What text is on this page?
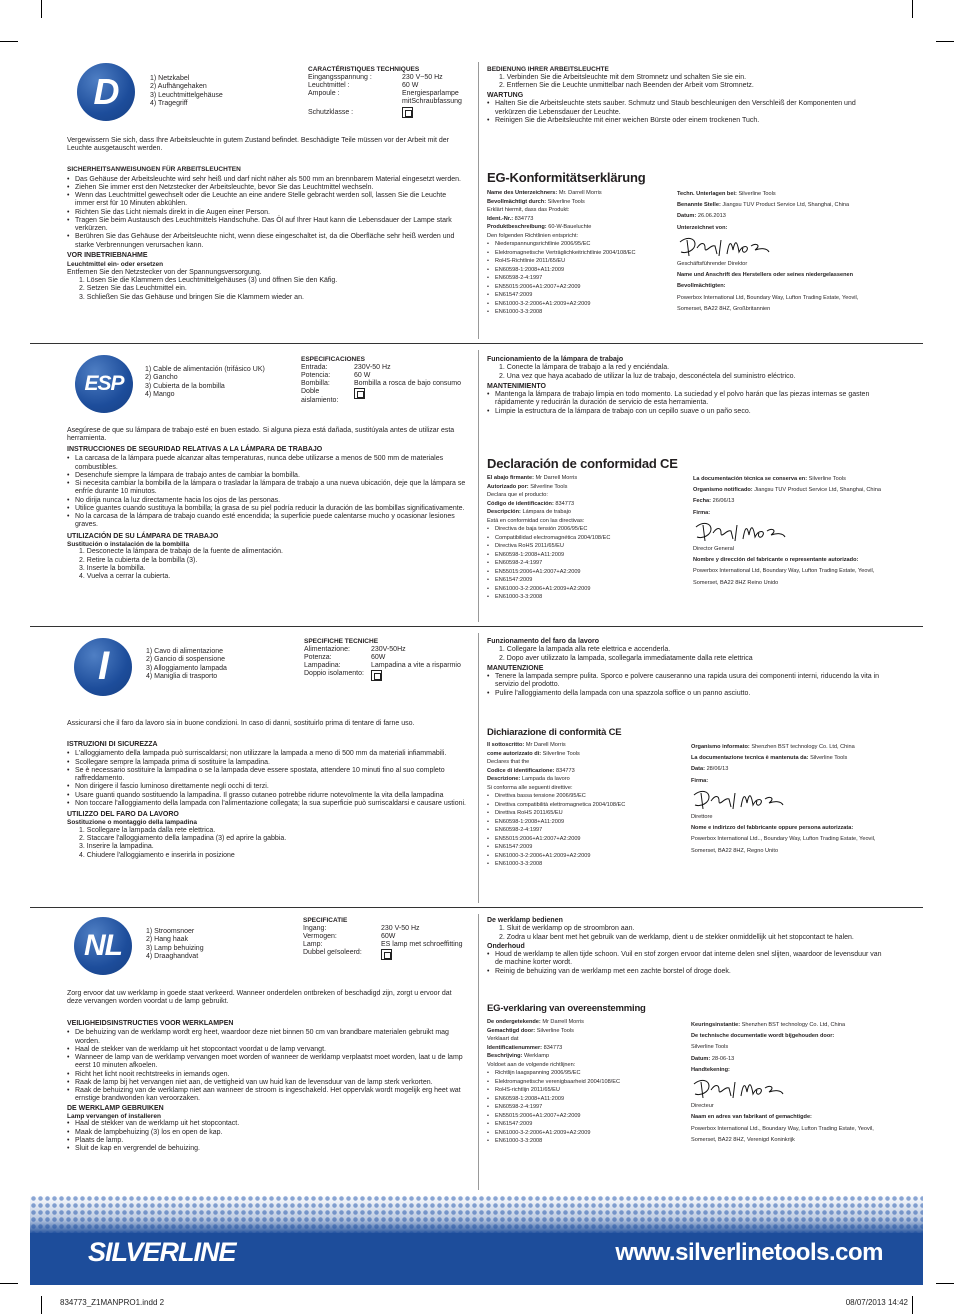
D	1) Netzkabel
2) Aufhängehaken
3) Leuchtmittelgehäuse
4) Tragegriff
CARACTÉRISTIQUES TECHNIQUES
Eingangsspannung :	230 V~50 Hz
Leuchtmittel :	60 W
Ampoule :	Energiesparlampe mitSchraubfassung
Schutzklasse :
Vergewissern Sie sich, dass Ihre Arbeitsleuchte in gutem Zustand befindet. Beschädigte Teile müssen vor der Arbeit mit der Leuchte ausgetauscht werden.
SICHERHEITSANWEISUNGEN FÜR ARBEITSLEUCHTEN
• Das Gehäuse der Arbeitsleuchte wird sehr heiß und darf nicht näher als 500 mm an brennbarem Material eingesetzt werden.
• Ziehen Sie immer erst den Netzstecker der Arbeitsleuchte, bevor Sie das Leuchtmittel wechseln.
• Wenn das Leuchtmittel gewechselt oder die Leuchte an eine andere Stelle gebracht werden soll, lassen Sie die Leuchte immer erst für 10 Minuten abkühlen.
• Richten Sie das Licht niemals direkt in die Augen einer Person.
• Tragen Sie beim Austausch des Leuchtmittels Handschuhe. Das Öl auf Ihrer Haut kann die Lebensdauer der Lampe stark verkürzen.
• Berühren Sie das Gehäuse der Arbeitsleuchte nicht, wenn diese eingeschaltet ist, da die Oberfläche sehr heiß werden und starke Verbrennungen verursachen kann.
VOR INBETRIEBNAHME
Leuchtmittel ein- oder ersetzen
Entfernen Sie den Netzstecker von der Spannungsversorgung.
1. Lösen Sie die Klammern des Leuchtmittelgehäuses (3) und öffnen Sie den Käfig.
2. Setzen Sie das Leuchtmittel ein.
3. Schließen Sie das Gehäuse und bringen Sie die Klammern wieder an.
BEDIENUNG IHRER ARBEITSLEUCHTE
1. Verbinden Sie die Arbeitsleuchte mit dem Stromnetz und schalten Sie sie ein.
2. Entfernen Sie die Leuchte unmittelbar nach Beenden der Arbeit vom Stromnetz.
WARTUNG
• Halten Sie die Arbeitsleuchte stets sauber. Schmutz und Staub beschleunigen den Verschleiß der Komponenten und verkürzen die Lebensdauer der Leuchte.
• Reinigen Sie die Arbeitsleuchte mit einer weichen Bürste oder einem trockenen Tuch.
EG-Konformitätserklärung
Name des Unterzeichners: Mr. Darrell Morris
Bevollmächtigt durch: Silverline Tools
Erklärt hiermit, dass das Produkt:
Ident.-Nr.: 834773
Produktbeschreibung: 60-W-Baueluchte
Den folgenden Richtlinien entspricht:
• Niederspannungsrichtlinie 2006/95/EC
• Elektromagnetische Verträglichkeitrichtlinie 2004/108/EC
• RoHS-Richtlinie 2011/65/EU
• EN60598-1:2008+A11:2009
• EN60598-2-4:1997
• EN55015:2006+A1:2007+A2:2009
• EN61547:2009
• EN61000-3-2:2006+A1:2009+A2:2009
• EN61000-3-3:2008
Techn. Unterlagen bei: Silverline Tools
Benannte Stelle: Jiangsu TUV Product Service Ltd, Shanghai, China
Datum: 26.06.2013
Unterzeichnet von:
Geschäftsführender Direktor
Name und Anschrift des Herstellers oder seines niedergelassenen Bevollmächtigten:
Powerbox International Ltd, Boundary Way, Lufton Trading Estate, Yeovil, Somerset, BA22 8HZ, Großbritannien
ESP
1) Cable de alimentación (trifásico UK)
2) Gancho
3) Cubierta de la bombilla
4) Mango
ESPECIFICACIONES
Entrada:	230V-50 Hz
Potencia:	60 W
Bombilla:	Bombilla a rosca de bajo consumo
Doble aislamiento:
Asegúrese de que su lámpara de trabajo esté en buen estado. Si alguna pieza está dañada, sustitúyala antes de utilizar esta herramienta.
INSTRUCCIONES DE SEGURIDAD RELATIVAS A LA LÁMPARA DE TRABAJO
• La carcasa de la lámpara puede alcanzar altas temperaturas, nunca debe utilizarse a menos de 500 mm de materiales combustibles.
• Desenchufe siempre la lámpara de trabajo antes de cambiar la bombilla.
• Si necesita cambiar la bombilla de la lámpara o trasladar la lámpara de trabajo a una nueva ubicación, deje que la lámpara se enfríe durante 10 minutos.
• No dirija nunca la luz directamente hacia los ojos de las personas.
• Utilice guantes cuando sustituya la bombilla; la grasa de su piel podría reducir la duración de las bombillas significativamente.
• No la carcasa de la lámpara de trabajo cuando esté encendida; la superficie puede calentarse mucho y ocasionar lesiones graves.
UTILIZACIÓN DE SU LÁMPARA DE TRABAJO
Sustitución o instalación de la bombilla
1. Desconecte la lámpara de trabajo de la fuente de alimentación.
2. Retire la cubierta de la bombilla (3).
3. Inserte la bombilla.
4. Vuelva a cerrar la cubierta.
Funcionamiento de la lámpara de trabajo
1. Conecte la lámpara de trabajo a la red y enciéndala.
2. Una vez que haya acabado de utilizar la luz de trabajo, desconéctela del suministro eléctrico.
MANTENIMIENTO
• Mantenga la lámpara de trabajo limpia en todo momento. La suciedad y el polvo harán que las piezas internas se gasten rápidamente y reducirán la duración de servicio de esta herramienta.
• Limpie la estructura de la lámpara de trabajo con un cepillo suave o un paño seco.
Declaración de conformidad CE
El abajo firmante: Mr Darrell Morris
Autorizado por: Silverline Tools
Declara que el producto:
Código de identificación: 834773
Descripción: Lámpara de trabajo
Está en conformidad con las directivas:
• Directiva de baja tensión 2006/95/EC
• Compatibilidad electromagnética 2004/108/EC
• Directiva RoHS 2011/65/EU
• EN60598-1:2008+A11:2009
• EN60598-2-4:1997
• EN55015:2006+A1:2007+A2:2009
• EN61547:2009
• EN61000-3-2:2006+A1:2009+A2:2009
• EN61000-3-3:2008
La documentación técnica se conserva en: Silverline Tools
Organismo notificado: Jiangsu TUV Product Service Ltd, Shanghai, China
Fecha: 26/06/13
Firma:
Director General
Nombre y dirección del fabricante o representante autorizado:
Powerbox International Ltd, Boundary Way, Lufton Trading Estate, Yeovil, Somerset, BA22 8HZ Reino Unido
I	1) Cavo di alimentazione
2) Gancio di sospensione
3) Alloggiamento lampada
4) Maniglia di trasporto
SPECIFICHE TECNICHE
Alimentazione:	230V-50Hz
Potenza:	60W
Lampadina:	Lampadina a vite a risparmio
Doppio isolamento:
Assicurarsi che il faro da lavoro sia in buone condizioni. In caso di danni, sostituirlo prima di tentare di farne uso.
ISTRUZIONI DI SICUREZZA
• L'alloggiamento della lampada può surriscaldarsi; non utilizzare la lampada a meno di 500 mm da materiali infiammabili.
• Scollegare sempre la lampada prima di sostituire la lampadina.
• Se è necessario sostituire la lampadina o se la lampada deve essere spostata, attendere 10 minuti fino al suo completo raffreddamento.
• Non dirigere il fascio luminoso direttamente negli occhi di terzi.
• Usare guanti quando sostituendo la lampadina. Il grasso cutaneo potrebbe ridurre notevolmente la vita della lampadina
• Non toccare l'alloggiamento della lampada con l'alimentazione collegata; la sua superficie può surriscaldarsi e causare ustioni.
UTILIZZO DEL FARO DA LAVORO
Sostituzione o montaggio della lampadina
1. Scollegare la lampada dalla rete elettrica.
2. Staccare l'alloggiamento della lampadina (3) ed aprire la gabbia.
3. Inserire la lampadina.
4. Chiudere l'alloggiamento e inserirla in posizione
Funzionamento del faro da lavoro
1. Collegare la lampada alla rete elettrica e accenderla.
2. Dopo aver utilizzato la lampada, scollegarla immediatamente dalla rete elettrica
MANUTENZIONE
• Tenere la lampada sempre pulita. Sporco e polvere causeranno una rapida usura dei componenti interni, riducendo la vita in servizio del prodotto.
• Pulire l'alloggiamento della lampada con una spazzola soffice o un panno asciutto.
Dichiarazione di conformità CE
Il sottoscritto: Mr Darell Morris
come autorizzato di: Silverline Tools
Declares that the
Codice di identificazione: 834773
Descrizione: Lampada da lavoro
Si conforma alle seguenti direttive:
• Direttiva bassa tensione 2006/95/EC
• Direttiva compatibilità elettromagnetica 2004/108/EC
• Direttiva RoHS 2011/65/EU
• EN60598-1:2008+A11:2009
• EN60598-2-4:1997
• EN55015:2006+A1:2007+A2:2009
• EN61547:2009
• EN61000-3-2:2006+A1:2009+A2:2009
• EN61000-3-3:2008
Organismo informato: Shenzhen BST technology Co. Ltd, China
La documentazione tecnica è mantenuta da: Silverline Tools
Data: 28/06/13
Firma:
Direttore
Nome e indirizzo del fabbricante oppure persona autorizzata:
Powerbox International Ltd.., Boundary Way, Lufton Trading Estate, Yeovil, Somerset, BA22 8HZ, Regno Unito
NL	1) Stroomsnoer
2) Hang haak
3) Lamp behuizing
4) Draaghandvat
SPECIFICATIE
Ingang:	230 V-50 Hz
Vermogen:	60W
Lamp:	ES lamp met schroeffitting
Dubbel geïsoleerd:
Zorg ervoor dat uw werklamp in goede staat verkeerd. Wanneer onderdelen ontbreken of beschadigd zijn, zorgt u ervoor dat deze vervangen worden voordat u de lamp gebruikt.
VEILIGHEIDSINSTRUCTIES VOOR WERKLAMPEN
• De behuizing van de werklamp wordt erg heet, waardoor deze niet binnen 50 cm van brandbare materialen gebruikt mag worden.
• Haal de stekker van de werklamp uit het stopcontact voordat u de lamp vervangt.
• Wanneer de lamp van de werklamp vervangen moet worden of wanneer de werklamp verplaatst moet worden, laat u de lamp eerst 10 minuten afkoelen.
• Richt het licht nooit rechtstreeks in iemands ogen.
• Raak de lamp bij het vervangen niet aan, de vettigheid van uw huid kan de levensduur van de lamp sterk verkorten.
• Raak de behuizing van de werklamp niet aan wanneer de stroom is ingeschakeld. Het oppervlak wordt mogelijk erg heet wat ernstige brandwonden kan veroorzaken.
DE WERKLAMP GEBRUIKEN
Lamp vervangen of installeren
• Haal de stekker van de werklamp uit het stopcontact.
• Maak de lampbehuizing (3) los en open de kap.
• Plaats de lamp.
• Sluit de kap en vergrendel de behuizing.
De werklamp bedienen
1. Sluit de werklamp op de stroombron aan.
2. Zodra u klaar bent met het gebruik van de werklamp, dient u de stekker onmiddellijk uit het stopcontact te halen.
Onderhoud
• Houd de werklamp te allen tijde schoon. Vuil en stof zorgen ervoor dat interne delen snel slijten, waardoor de levensduur van de machine korter wordt.
• Reinig de behuizing van de werklamp met een zachte borstel of droge doek.
EG-verklaring van overeenstemming
De ondergetekende: Mr Darrell Morris
Gemachtigd door: Silverline Tools
Verklaart dat
Identificatienummer: 834773
Beschrijving: Werklamp
Voldoet aan de volgende richtlijnen:
• Richtlijn laagspanning 2006/95/EC
• Elektromagnetische verenigbaarheid 2004/108/EC
• RoHS-richtlijn 2011/65/EU
• EN60598-1:2008+A11:2009
• EN60598-2-4:1997
• EN55015:2006+A1:2007+A2:2009
• EN61547:2009
• EN61000-3-2:2006+A1:2009+A2:2009
• EN61000-3-3:2008
Keuringsinstantie: Shenzhen BST technology Co. Ltd, China
De technische documentatie wordt bijgehouden door:
Silverline Tools
Datum: 28-06-13
Handtekening:
Directeur
Naam en adres van fabrikant of gemachtigde:
Powerbox International Ltd., Boundary Way, Lufton Trading Estate, Yeovil, Somerset, BA22 8HZ, Verenigd Koninkrijk
SILVERLINE	www.silverlinetools.com
834773_Z1MANPRO1.indd 2	08/07/2013 14:42
